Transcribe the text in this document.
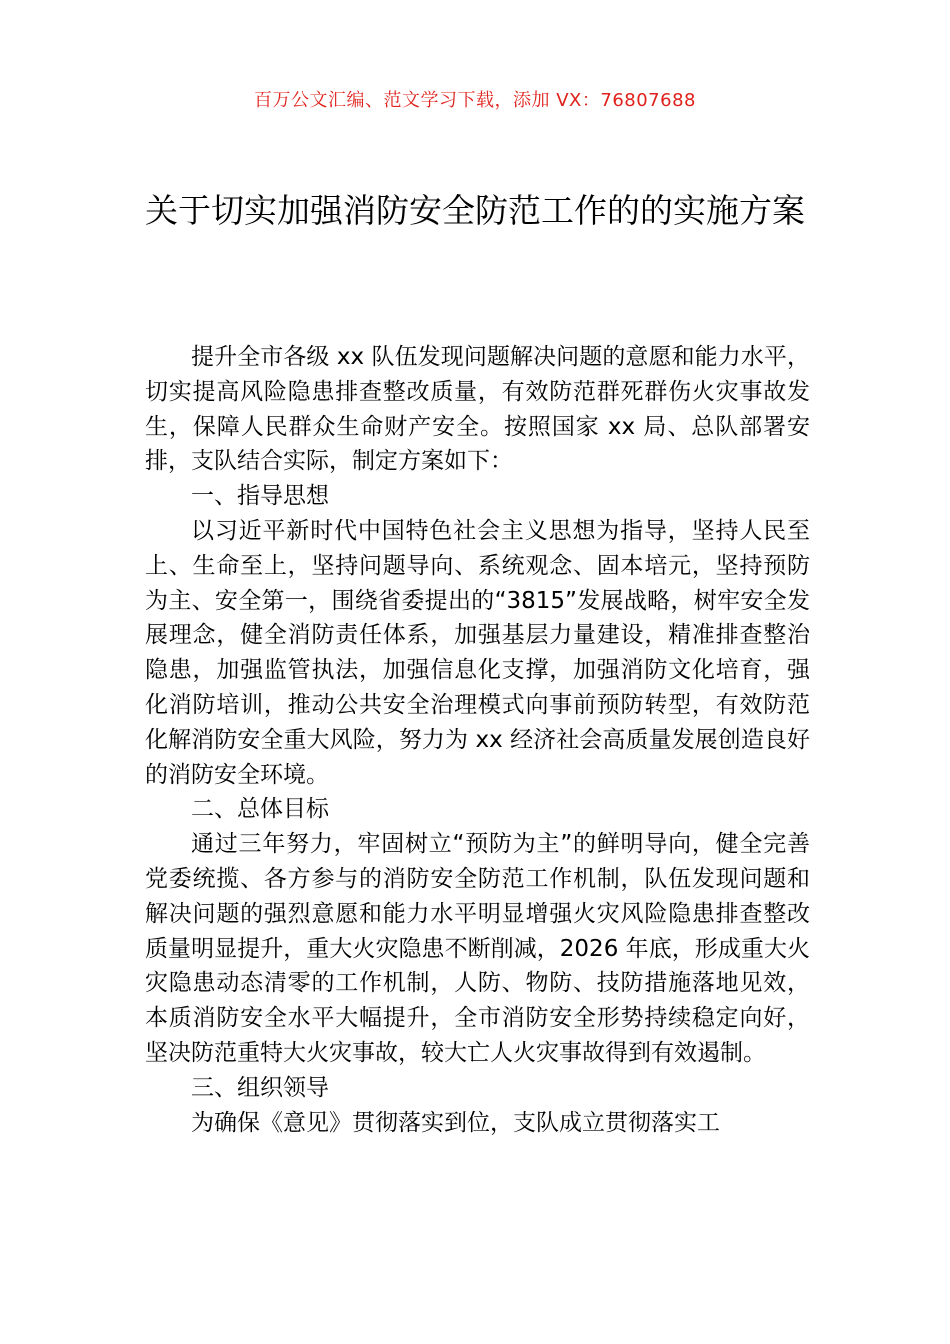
百万公文汇编、范文学习下载，添加 VX：76807688
关于切实加强消防安全防范工作的的实施方案

提升全市各级 xx 队伍发现问题解决问题的意愿和能力水平，切实提高风险隐患排查整改质量，有效防范群死群伤火灾事故发生，保障人民群众生命财产安全。按照国家 xx 局、总队部署安排，支队结合实际，制定方案如下：

一、指导思想

以习近平新时代中国特色社会主义思想为指导，坚持人民至上、生命至上，坚持问题导向、系统观念、固本培元，坚持预防为主、安全第一，围绕省委提出的“3815”发展战略，树牢安全发展理念，健全消防责任体系，加强基层力量建设，精准排查整治隐患，加强监管执法，加强信息化支撑，加强消防文化培育，强化消防培训，推动公共安全治理模式向事前预防转型，有效防范化解消防安全重大风险，努力为 xx 经济社会高质量发展创造良好的消防安全环境。

二、总体目标

通过三年努力，牢固树立“预防为主”的鲜明导向，健全完善党委统揽、各方参与的消防安全防范工作机制，队伍发现问题和解决问题的强烈意愿和能力水平明显增强火灾风险隐患排查整改质量明显提升，重大火灾隐患不断削减，2026 年底，形成重大火灾隐患动态清零的工作机制，人防、物防、技防措施落地见效，本质消防安全水平大幅提升，全市消防安全形势持续稳定向好，坚决防范重特大火灾事故，较大亡人火灾事故得到有效遏制。

三、组织领导

为确保《意见》贯彻落实到位，支队成立贯彻落实工
